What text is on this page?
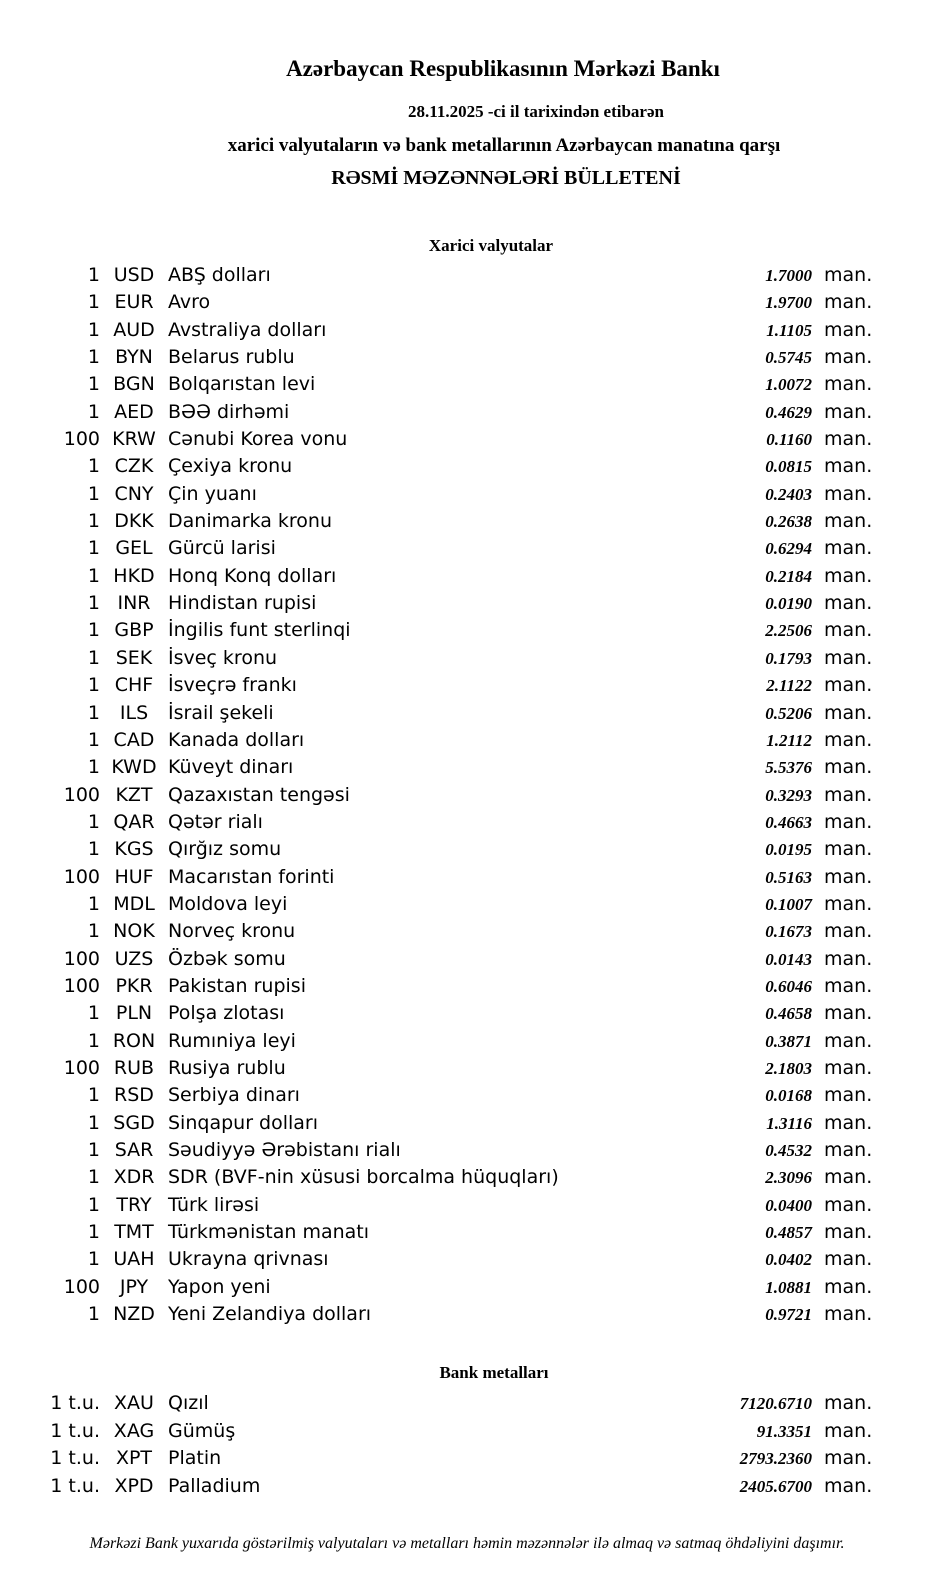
Azərbaycan Respublikasının Mərkəzi Bankı
28.11.2025 -ci il tarixindən etibarən
xarici valyutaların və bank metallarının Azərbaycan manatına qarşı
RƏSMİ MƏZƏNNƏLƏRİ BÜLLETENİ
Xarici valyutalar
1 USD ABŞ dolları	1.7000 man.
1 EUR Avro	1.9700 man.
1 AUD Avstraliya dolları	1.1105 man.
1 BYN Belarus rublu	0.5745 man.
1 BGN Bolqarıstan levi	1.0072 man.
1 AED BƏƏ dirhəmi	0.4629 man.
100 KRW Cənubi Korea vonu	0.1160 man.
1 CZK Çexiya kronu	0.0815 man.
1 CNY Çin yuanı	0.2403 man.
1 DKK Danimarka kronu	0.2638 man.
1 GEL Gürcü larisi	0.6294 man.
1 HKD Honq Konq dolları	0.2184 man.
1 INR Hindistan rupisi	0.0190 man.
1 GBP İngilis funt sterlinqi	2.2506 man.
1 SEK İsveç kronu	0.1793 man.
1 CHF İsveçrə frankı	2.1122 man.
1	ILS	İsrail şekeli	0.5206 man.
1 CAD Kanada dolları	1.2112 man.
1 KWD Küveyt dinarı	5.5376 man.
100 KZT Qazaxıstan tengəsi	0.3293 man.
1 QAR Qətər rialı	0.4663 man.
1 KGS Qırğız somu	0.0195 man.
100 HUF Macarıstan forinti	0.5163 man.
1 MDL Moldova leyi	0.1007 man.
1 NOK Norveç kronu	0.1673 man.
100 UZS Özbək somu	0.0143 man.
100 PKR Pakistan rupisi	0.6046 man.
1 PLN Polşa zlotası	0.4658 man.
1 RON Rumıniya leyi	0.3871 man.
100 RUB Rusiya rublu	2.1803 man.
1 RSD Serbiya dinarı	0.0168 man.
1 SGD Sinqapur dolları	1.3116 man.
1 SAR Səudiyyə Ərəbistanı rialı	0.4532 man.
1 XDR SDR (BVF-nin xüsusi borcalma hüquqları)	2.3096 man.
1 TRY Türk lirəsi	0.0400 man.
1 TMT Türkmənistan manatı	0.4857 man.
1 UAH Ukrayna qrivnası	0.0402 man.
100	JPY	Yapon yeni	1.0881 man.
1 NZD Yeni Zelandiya dolları	0.9721 man.
Bank metalları
1 t.u. XAU Qızıl	7120.6710 man.
1 t.u. XAG Gümüş	91.3351 man.
1 t.u. XPT Platin	2793.2360 man.
1 t.u. XPD Palladium	2405.6700 man.
Mərkəzi Bank yuxarıda göstərilmiş valyutaları və metalları həmin məzənnələr ilə almaq və satmaq öhdəliyini daşımır.
